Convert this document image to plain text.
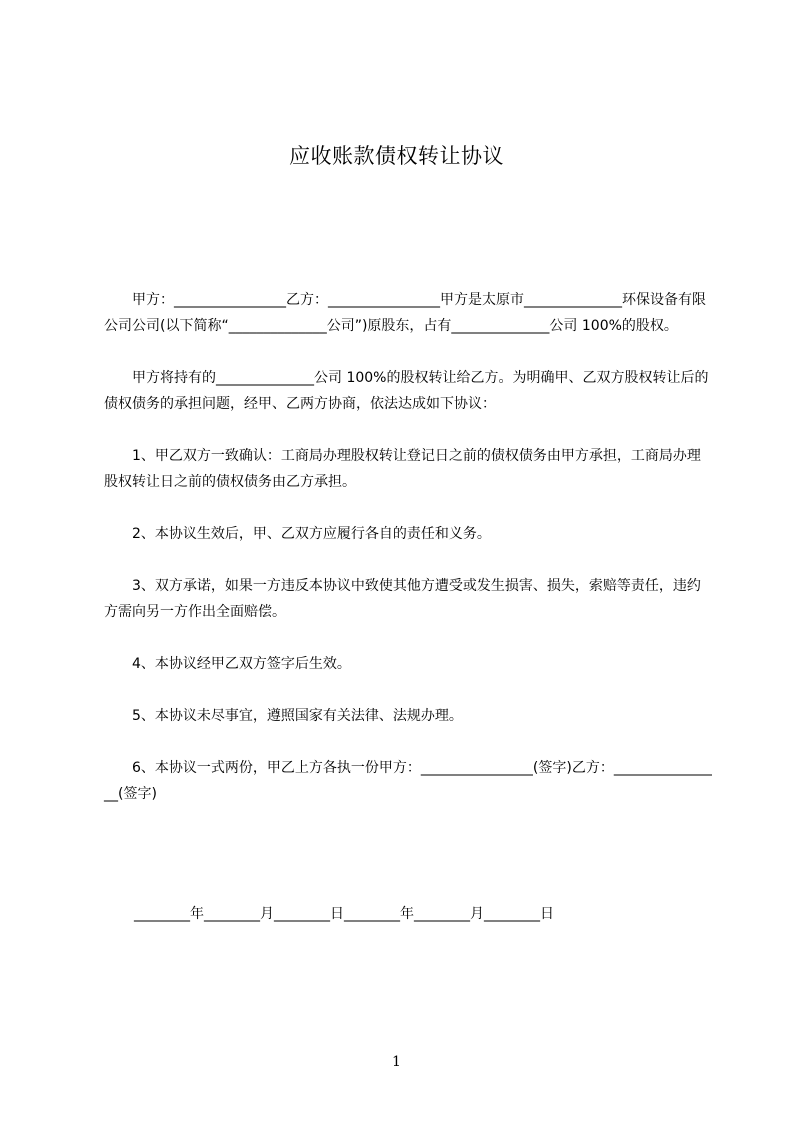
应收账款债权转让协议

　　甲方：________________乙方：________________甲方是太原市______________环保设备有限公司公司(以下简称“______________公司”)原股东，占有______________公司 100%的股权。

　　甲方将持有的______________公司 100%的股权转让给乙方。为明确甲、乙双方股权转让后的债权债务的承担问题，经甲、乙两方协商，依法达成如下协议：

　　1、甲乙双方一致确认：工商局办理股权转让登记日之前的债权债务由甲方承担，工商局办理股权转让日之前的债权债务由乙方承担。

　　2、本协议生效后，甲、乙双方应履行各自的责任和义务。

　　3、双方承诺，如果一方违反本协议中致使其他方遭受或发生损害、损失，索赔等责任，违约方需向另一方作出全面赔偿。

　　4、本协议经甲乙双方签字后生效。

　　5、本协议未尽事宜，遵照国家有关法律、法规办理。

　　6、本协议一式两份，甲乙上方各执一份甲方：________________(签字)乙方：________________(签字)

________年________月________日________年________月________日
1
